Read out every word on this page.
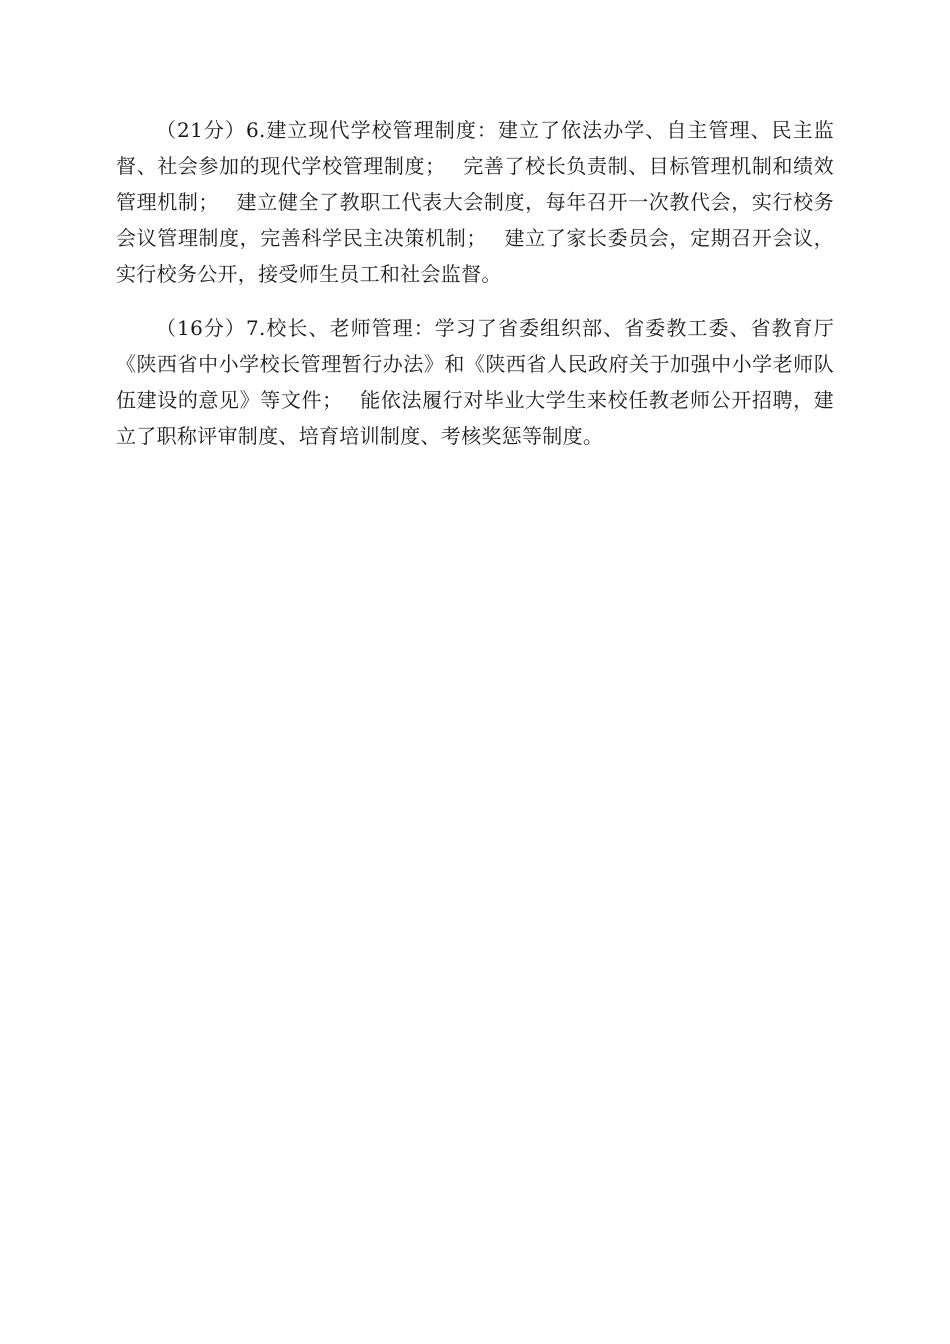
（21分）6.建立现代学校管理制度：建立了依法办学、自主管理、民主监督、社会参加的现代学校管理制度；　 完善了校长负责制、目标管理机制和绩效管理机制；　 建立健全了教职工代表大会制度，每年召开一次教代会，实行校务会议管理制度，完善科学民主决策机制；　 建立了家长委员会，定期召开会议，实行校务公开，接受师生员工和社会监督。

（16分）7.校长、老师管理：学习了省委组织部、省委教工委、省教育厅《陕西省中小学校长管理暂行办法》和《陕西省人民政府关于加强中小学老师队伍建设的意见》等文件；　 能依法履行对毕业大学生来校任教老师公开招聘，建立了职称评审制度、培育培训制度、考核奖惩等制度。
